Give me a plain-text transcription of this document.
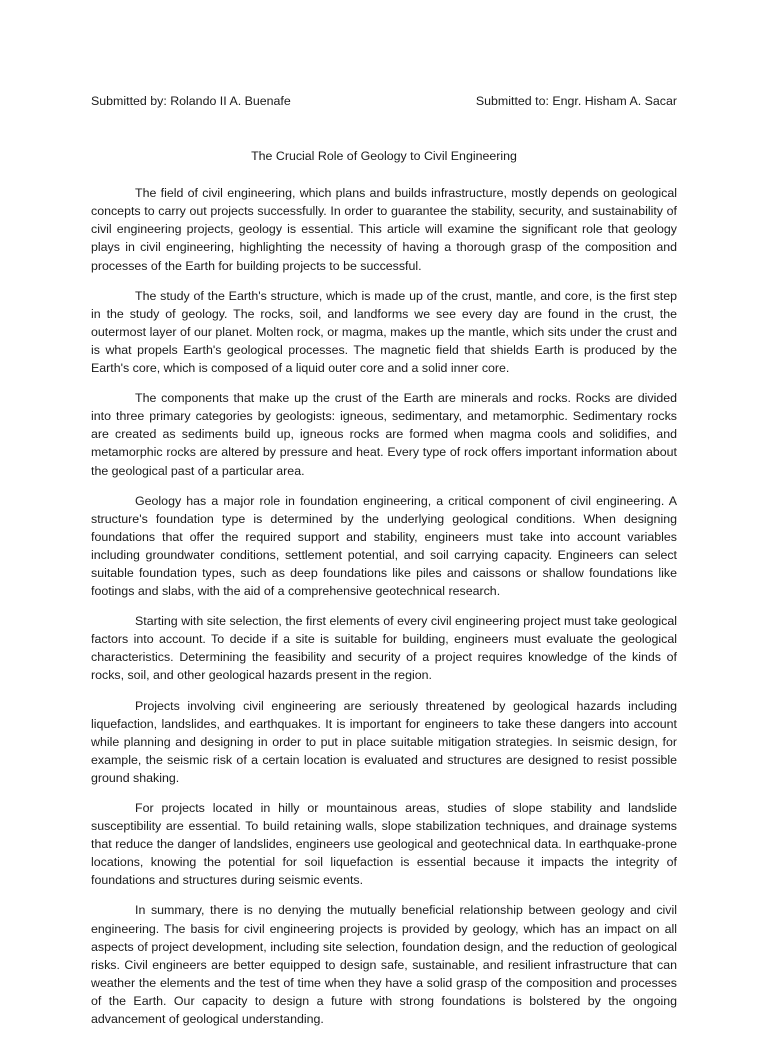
Submitted by: Rolando II A. Buenafe	Submitted to: Engr. Hisham A. Sacar
The Crucial Role of Geology to Civil Engineering

The field of civil engineering, which plans and builds infrastructure, mostly depends on geological concepts to carry out projects successfully. In order to guarantee the stability, security, and sustainability of civil engineering projects, geology is essential. This article will examine the significant role that geology plays in civil engineering, highlighting the necessity of having a thorough grasp of the composition and processes of the Earth for building projects to be successful.

The study of the Earth's structure, which is made up of the crust, mantle, and core, is the first step in the study of geology. The rocks, soil, and landforms we see every day are found in the crust, the outermost layer of our planet. Molten rock, or magma, makes up the mantle, which sits under the crust and is what propels Earth's geological processes. The magnetic field that shields Earth is produced by the Earth's core, which is composed of a liquid outer core and a solid inner core.

The components that make up the crust of the Earth are minerals and rocks. Rocks are divided into three primary categories by geologists: igneous, sedimentary, and metamorphic. Sedimentary rocks are created as sediments build up, igneous rocks are formed when magma cools and solidifies, and metamorphic rocks are altered by pressure and heat. Every type of rock offers important information about the geological past of a particular area.

Geology has a major role in foundation engineering, a critical component of civil engineering. A structure's foundation type is determined by the underlying geological conditions. When designing foundations that offer the required support and stability, engineers must take into account variables including groundwater conditions, settlement potential, and soil carrying capacity. Engineers can select suitable foundation types, such as deep foundations like piles and caissons or shallow foundations like footings and slabs, with the aid of a comprehensive geotechnical research.

Starting with site selection, the first elements of every civil engineering project must take geological factors into account. To decide if a site is suitable for building, engineers must evaluate the geological characteristics. Determining the feasibility and security of a project requires knowledge of the kinds of rocks, soil, and other geological hazards present in the region.

Projects involving civil engineering are seriously threatened by geological hazards including liquefaction, landslides, and earthquakes. It is important for engineers to take these dangers into account while planning and designing in order to put in place suitable mitigation strategies. In seismic design, for example, the seismic risk of a certain location is evaluated and structures are designed to resist possible ground shaking.

For projects located in hilly or mountainous areas, studies of slope stability and landslide susceptibility are essential. To build retaining walls, slope stabilization techniques, and drainage systems that reduce the danger of landslides, engineers use geological and geotechnical data. In earthquake-prone locations, knowing the potential for soil liquefaction is essential because it impacts the integrity of foundations and structures during seismic events.

In summary, there is no denying the mutually beneficial relationship between geology and civil engineering. The basis for civil engineering projects is provided by geology, which has an impact on all aspects of project development, including site selection, foundation design, and the reduction of geological risks. Civil engineers are better equipped to design safe, sustainable, and resilient infrastructure that can weather the elements and the test of time when they have a solid grasp of the composition and processes of the Earth. Our capacity to design a future with strong foundations is bolstered by the ongoing advancement of geological understanding.
